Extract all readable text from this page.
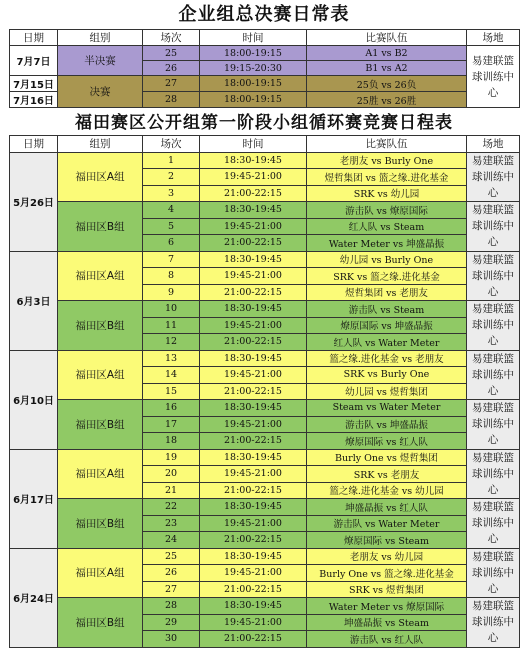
企业组总决赛日常表
日期	组别	场次	时间	比赛队伍	场地
7月7日	半决赛	25	18:00-19:15	A1 vs B2	易建联篮球训练中心
		26	19:15-20:30	B1 vs A2	
7月15日	决赛	27	18:00-19:15	25负 vs 26负	
7月16日		28	18:00-19:15	25胜 vs 26胜	
福田赛区公开组第一阶段小组循环赛竞赛日程表
日期	组别	场次	时间	比赛队伍	场地
5月26日	福田区A组	1	18:30-19:45	老朋友 vs Burly One	易建联篮球训练中心
		2	19:45-21:00	煜哲集团 vs 篮之缘.进化基金	
		3	21:00-22:15	SRK vs 幼儿园	
	福田区B组	4	18:30-19:45	游击队 vs 燎原国际	易建联篮球训练中心
		5	19:45-21:00	红人队 vs Steam	
		6	21:00-22:15	Water Meter vs 坤盛晶振	
6月3日	福田区A组	7	18:30-19:45	幼儿园 vs Burly One	易建联篮球训练中心
		8	19:45-21:00	SRK vs 篮之缘.进化基金	
		9	21:00-22:15	煜哲集团 vs 老朋友	
	福田区B组	10	18:30-19:45	游击队 vs Steam	易建联篮球训练中心
		11	19:45-21:00	燎原国际 vs 坤盛晶振	
		12	21:00-22:15	红人队 vs Water Meter	
6月10日	福田区A组	13	18:30-19:45	篮之缘.进化基金 vs 老朋友	易建联篮球训练中心
		14	19:45-21:00	SRK vs Burly One	
		15	21:00-22:15	幼儿园 vs 煜哲集团	
	福田区B组	16	18:30-19:45	Steam vs Water Meter	易建联篮球训练中心
		17	19:45-21:00	游击队 vs 坤盛晶振	
		18	21:00-22:15	燎原国际 vs 红人队	
6月17日	福田区A组	19	18:30-19:45	Burly One vs 煜哲集团	易建联篮球训练中心
		20	19:45-21:00	SRK vs 老朋友	
		21	21:00-22:15	篮之缘.进化基金 vs 幼儿园	
	福田区B组	22	18:30-19:45	坤盛晶振 vs 红人队	易建联篮球训练中心
		23	19:45-21:00	游击队 vs Water Meter	
		24	21:00-22:15	燎原国际 vs Steam	
6月24日	福田区A组	25	18:30-19:45	老朋友 vs 幼儿园	易建联篮球训练中心
		26	19:45-21:00	Burly One vs 篮之缘.进化基金	
		27	21:00-22:15	SRK vs 煜哲集团	
	福田区B组	28	18:30-19:45	Water Meter vs 燎原国际	易建联篮球训练中心
		29	19:45-21:00	坤盛晶振 vs Steam	
		30	21:00-22:15	游击队 vs 红人队	
